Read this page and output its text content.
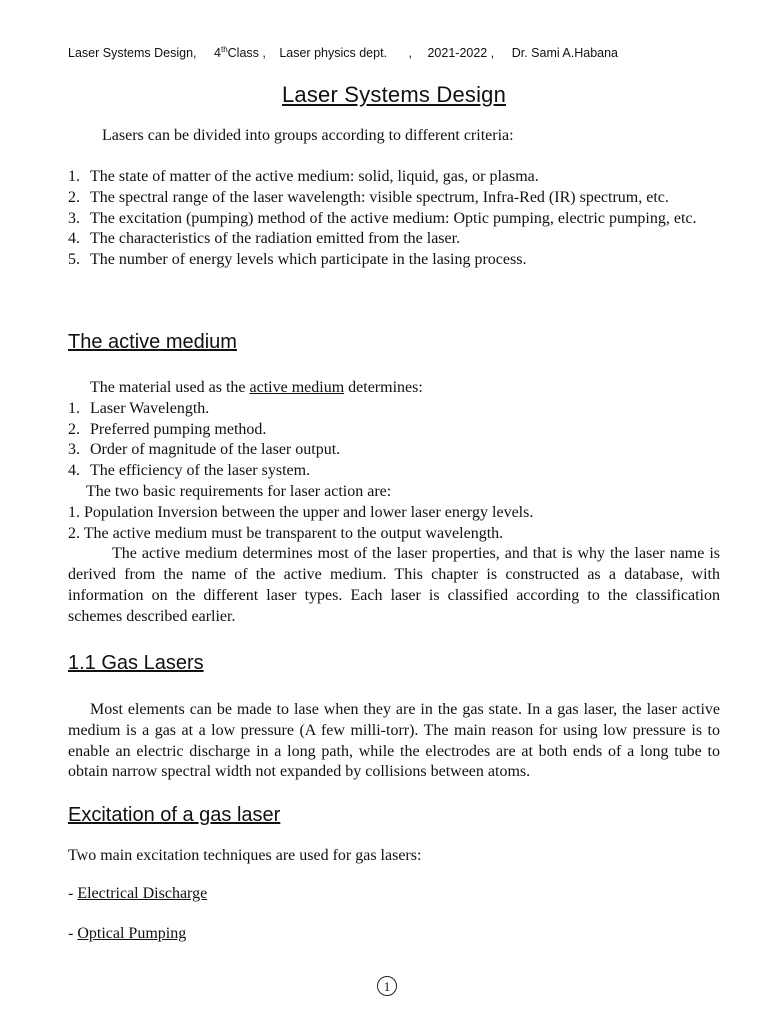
Laser Systems Design, 4thClass , Laser physics dept. , 2021-2022 , Dr. Sami A.Habana
Laser Systems Design
Lasers can be divided into groups according to different criteria:
1. The state of matter of the active medium: solid, liquid, gas, or plasma.
2. The spectral range of the laser wavelength: visible spectrum, Infra-Red (IR) spectrum, etc.
3. The excitation (pumping) method of the active medium: Optic pumping, electric pumping, etc.
4. The characteristics of the radiation emitted from the laser.
5. The number of energy levels which participate in the lasing process.
The active medium
The material used as the active medium determines:
1. Laser Wavelength.
2. Preferred pumping method.
3. Order of magnitude of the laser output.
4. The efficiency of the laser system.
The two basic requirements for laser action are:
1. Population Inversion between the upper and lower laser energy levels.
2. The active medium must be transparent to the output wavelength.
The active medium determines most of the laser properties, and that is why the laser name is derived from the name of the active medium. This chapter is constructed as a database, with information on the different laser types. Each laser is classified according to the classification schemes described earlier.
1.1 Gas Lasers
Most elements can be made to lase when they are in the gas state. In a gas laser, the laser active medium is a gas at a low pressure (A few milli-torr). The main reason for using low pressure is to enable an electric discharge in a long path, while the electrodes are at both ends of a long tube to obtain narrow spectral width not expanded by collisions between atoms.
Excitation of a gas laser
Two main excitation techniques are used for gas lasers:
- Electrical Discharge
- Optical Pumping
1
